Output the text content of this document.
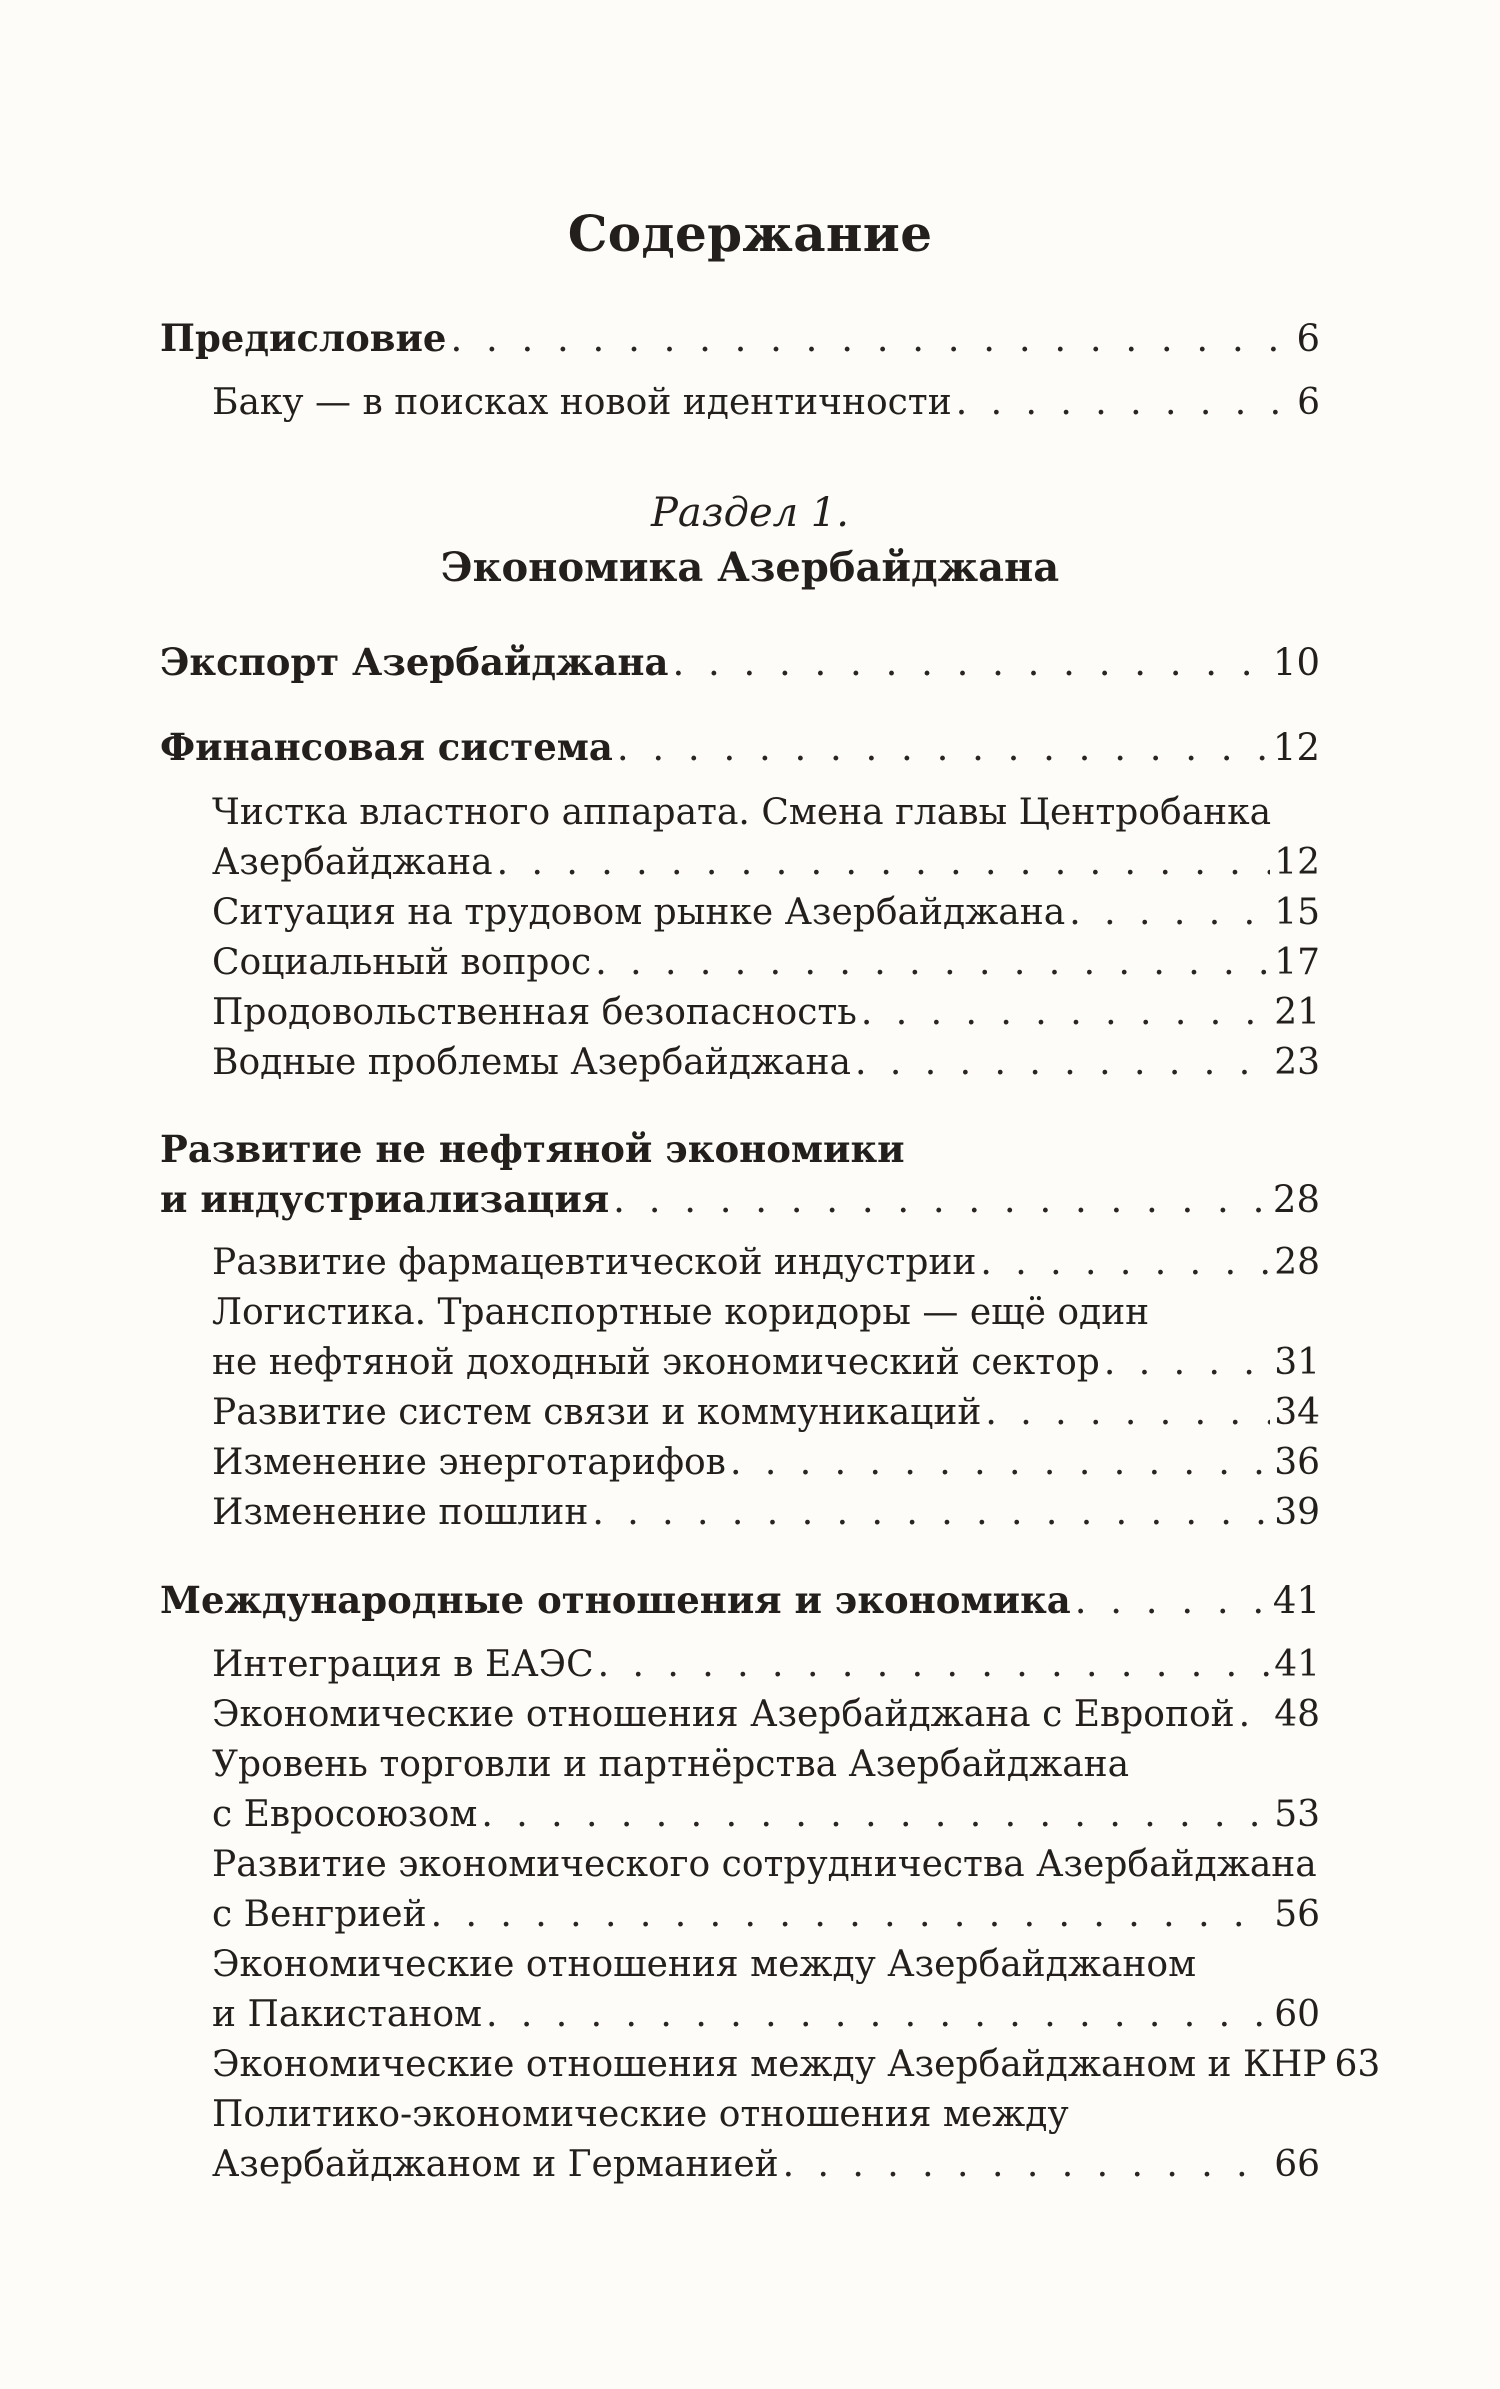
Содержание
Предисловие . . .	6
Баку — в поисках новой идентичности . . .	6
Раздел 1.
Экономика Азербайджана
Экспорт Азербайджана . . .	10
Финансовая система . . .	12
Чистка властного аппарата. Смена главы Центробанка
Азербайджана . . .	12
Ситуация на трудовом рынке Азербайджана . . .	15
Социальный вопрос . . .	17
Продовольственная безопасность . . .	21
Водные проблемы Азербайджана . . .	23
Развитие не нефтяной экономики
и индустриализация . . .	28
Развитие фармацевтической индустрии . . .	28
Логистика. Транспортные коридоры — ещё один
не нефтяной доходный экономический сектор . . .	31
Развитие систем связи и коммуникаций . . .	34
Изменение энерготарифов . . .	36
Изменение пошлин . . .	39
Международные отношения и экономика . . .	41
Интеграция в ЕАЭС . . .	41
Экономические отношения Азербайджана с Европой . . . 48
Уровень торговли и партнёрства Азербайджана
с Евросоюзом . . .	53
Развитие экономического сотрудничества Азербайджана
с Венгрией . . .	56
Экономические отношения между Азербайджаном
и Пакистаном . . .	60
Экономические отношения между Азербайджаном и КНР 63
Политико-экономические отношения между
Азербайджаном и Германией . . .	66
